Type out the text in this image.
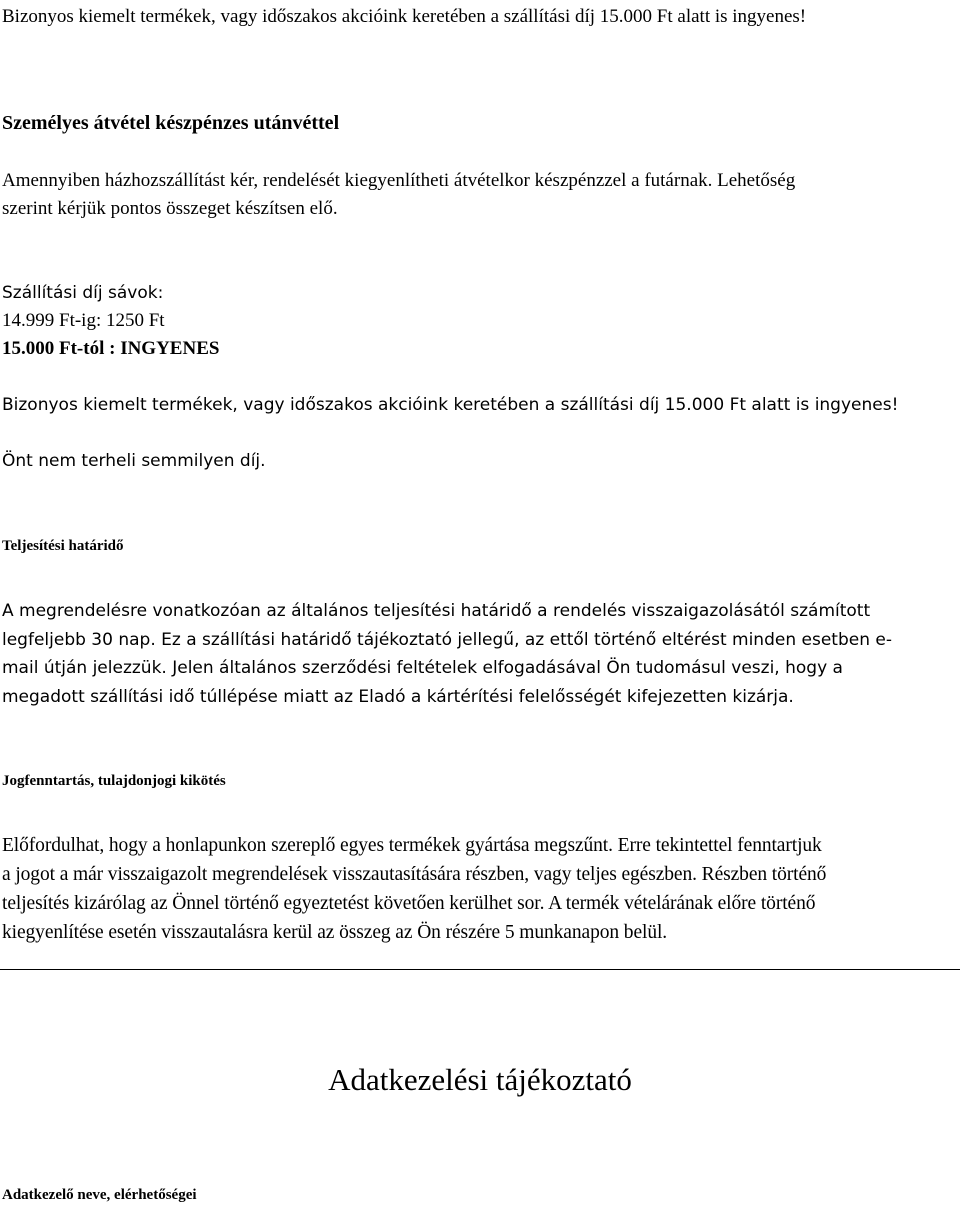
Bizonyos kiemelt termékek, vagy időszakos akcióink keretében a szállítási díj 15.000 Ft alatt is ingyenes!

Személyes átvétel készpénzes utánvéttel

Amennyiben házhozszállítást kér, rendelését kiegyenlítheti átvételkor készpénzzel a futárnak. Lehetőség

szerint kérjük pontos összeget készítsen elő.

Szállítási díj sávok:

14.999 Ft-ig: 1250 Ft

15.000 Ft-tól : INGYENES

Bizonyos kiemelt termékek, vagy időszakos akcióink keretében a szállítási díj 15.000 Ft alatt is ingyenes!

Önt nem terheli semmilyen díj.

Teljesítési határidő

A megrendelésre vonatkozóan az általános teljesítési határidő a rendelés visszaigazolásától számított

legfeljebb 30 nap. Ez a szállítási határidő tájékoztató jellegű, az ettől történő eltérést minden esetben e-

mail útján jelezzük. Jelen általános szerződési feltételek elfogadásával Ön tudomásul veszi, hogy a

megadott szállítási idő túllépése miatt az Eladó a kártérítési felelősségét kifejezetten kizárja.

Jogfenntartás, tulajdonjogi kikötés

Előfordulhat, hogy a honlapunkon szereplő egyes termékek gyártása megszűnt. Erre tekintettel fenntartjuk

a jogot a már visszaigazolt megrendelések visszautasítására részben, vagy teljes egészben. Részben történő

teljesítés kizárólag az Önnel történő egyeztetést követően kerülhet sor. A termék vételárának előre történő

kiegyenlítése esetén visszautalásra kerül az összeg az Ön részére 5 munkanapon belül.

Adatkezelési tájékoztató

Adatkezelő neve, elérhetőségei
